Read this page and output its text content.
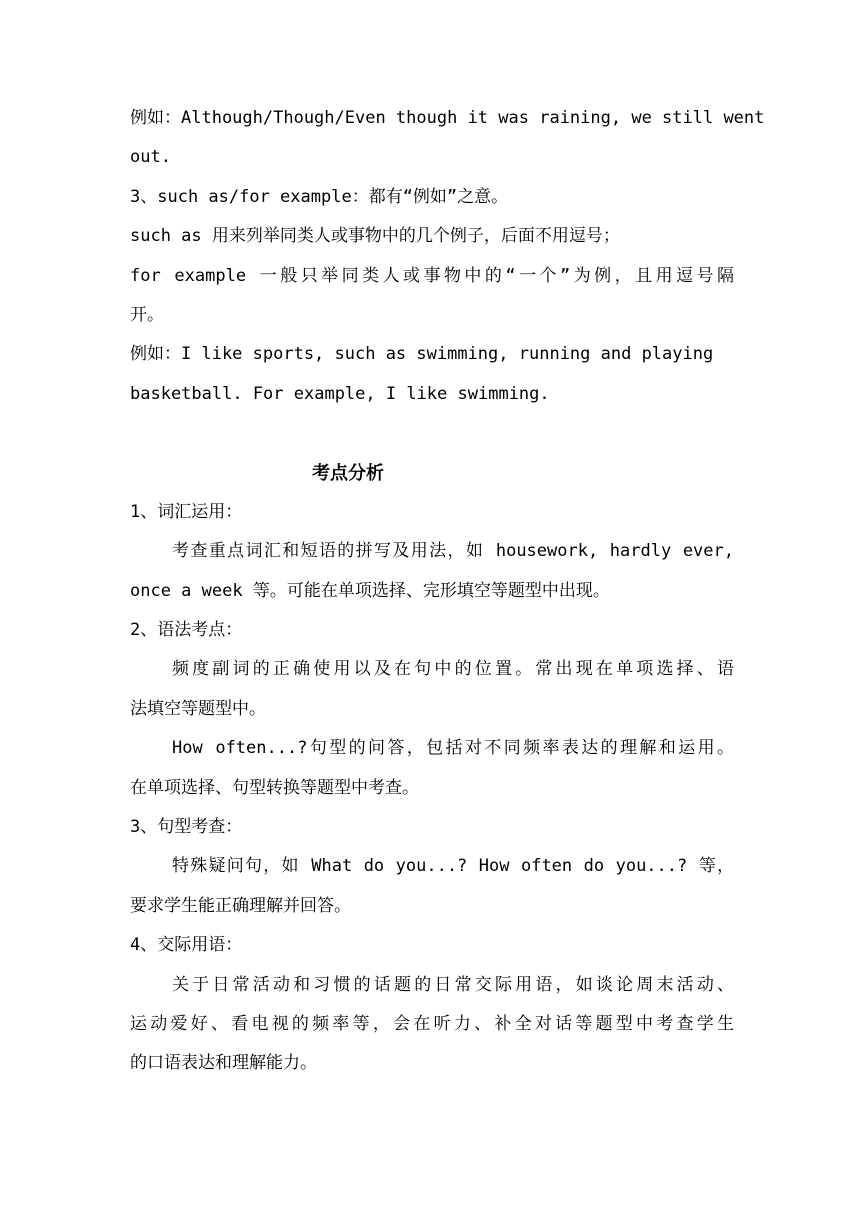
例如：Although/Though/Even though it was raining, we still went
out.
3、such as/for example：都有“例如”之意。
such as 用来列举同类人或事物中的几个例子，后面不用逗号；
for example 一般只举同类人或事物中的“一个”为例，且用逗号隔
开。
例如：I like sports, such as swimming, running and playing
basketball. For example, I like swimming.
考点分析
1、词汇运用：
考查重点词汇和短语的拼写及用法，如 housework, hardly ever,
once a week 等。可能在单项选择、完形填空等题型中出现。
2、语法考点：
频度副词的正确使用以及在句中的位置。常出现在单项选择、语
法填空等题型中。
How often...?句型的问答，包括对不同频率表达的理解和运用。
在单项选择、句型转换等题型中考查。
3、句型考查：
特殊疑问句，如 What do you...? How often do you...? 等，
要求学生能正确理解并回答。
4、交际用语：
关于日常活动和习惯的话题的日常交际用语，如谈论周末活动、
运动爱好、看电视的频率等，会在听力、补全对话等题型中考查学生
的口语表达和理解能力。
